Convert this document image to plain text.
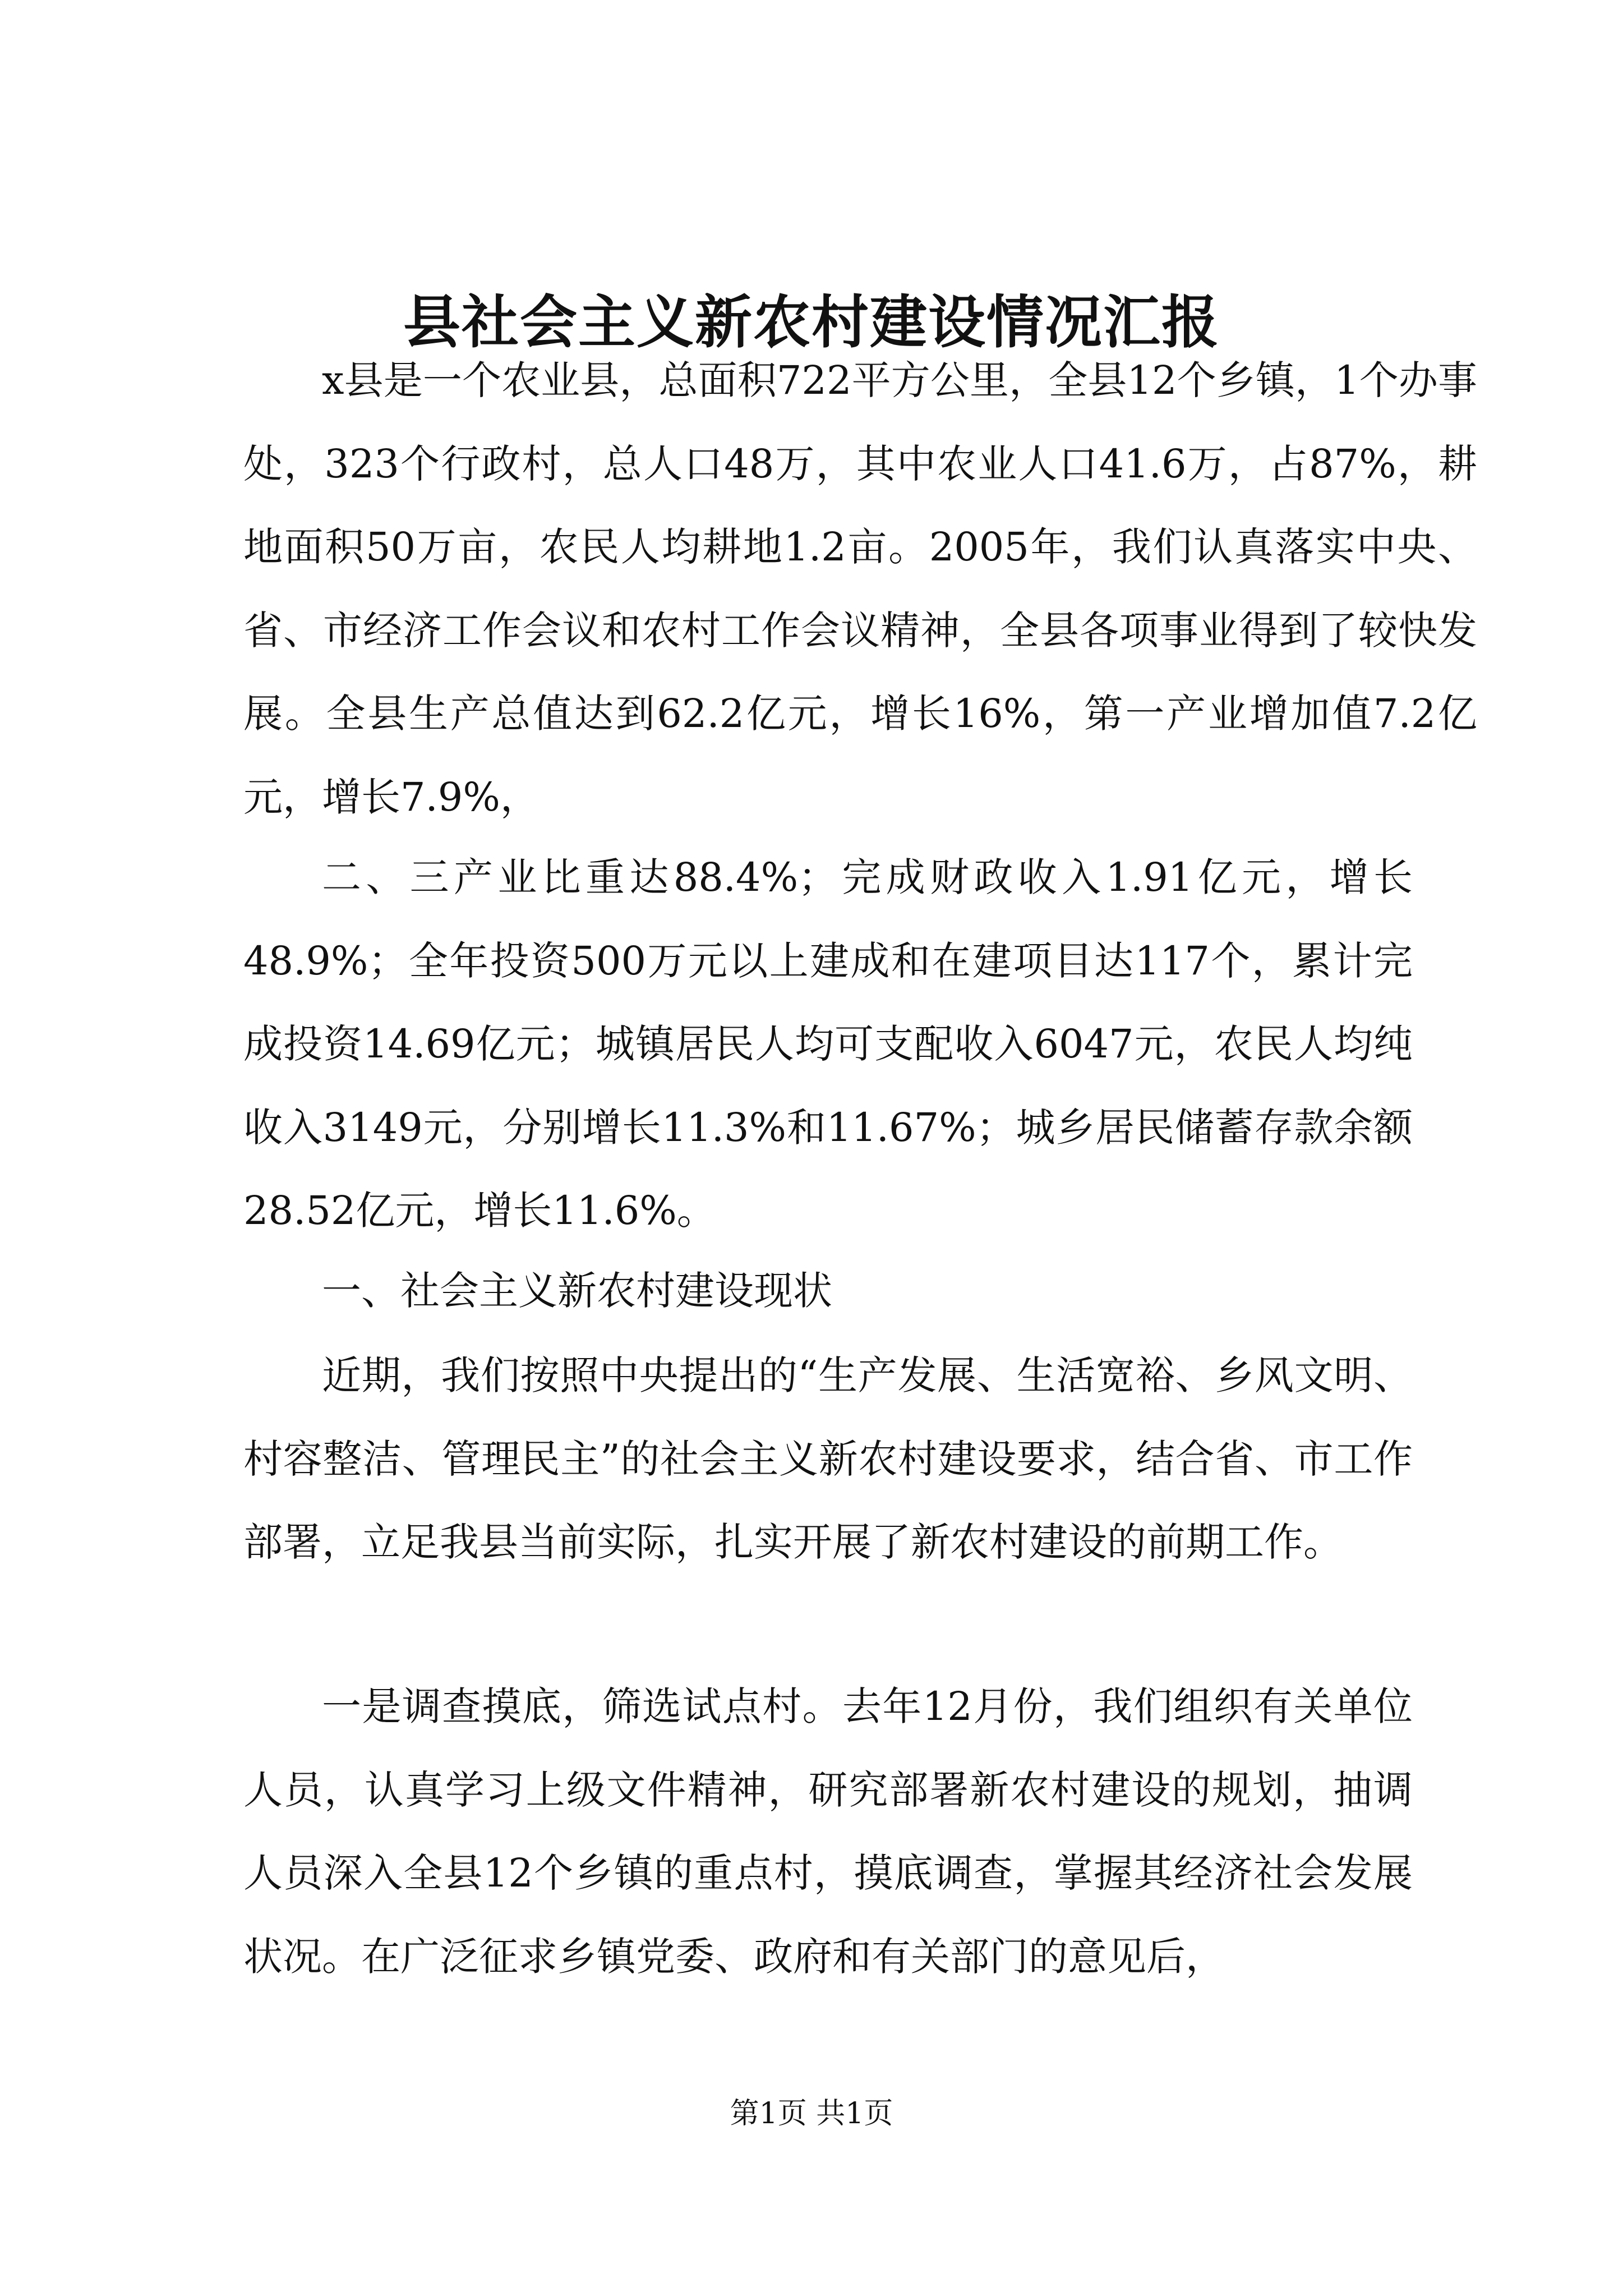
县社会主义新农村建设情况汇报

x县是一个农业县，总面积722平方公里，全县12个乡镇，1个办事处，323个行政村，总人口48万，其中农业人口41.6万，占87%，耕地面积50万亩，农民人均耕地1.2亩。2005年，我们认真落实中央、省、市经济工作会议和农村工作会议精神，全县各项事业得到了较快发展。全县生产总值达到62.2亿元，增长16%，第一产业增加值7.2亿元，增长7.9%，

二、三产业比重达88.4%；完成财政收入1.91亿元，增长48.9%；全年投资500万元以上建成和在建项目达117个，累计完成投资14.69亿元；城镇居民人均可支配收入6047元，农民人均纯收入3149元，分别增长11.3%和11.67%；城乡居民储蓄存款余额28.52亿元，增长11.6%。

一、社会主义新农村建设现状

近期，我们按照中央提出的“生产发展、生活宽裕、乡风文明、村容整洁、管理民主”的社会主义新农村建设要求，结合省、市工作部署，立足我县当前实际，扎实开展了新农村建设的前期工作。

一是调查摸底，筛选试点村。去年12月份，我们组织有关单位人员，认真学习上级文件精神，研究部署新农村建设的规划，抽调人员深入全县12个乡镇的重点村，摸底调查，掌握其经济社会发展状况。在广泛征求乡镇党委、政府和有关部门的意见后，

第1页 共1页
